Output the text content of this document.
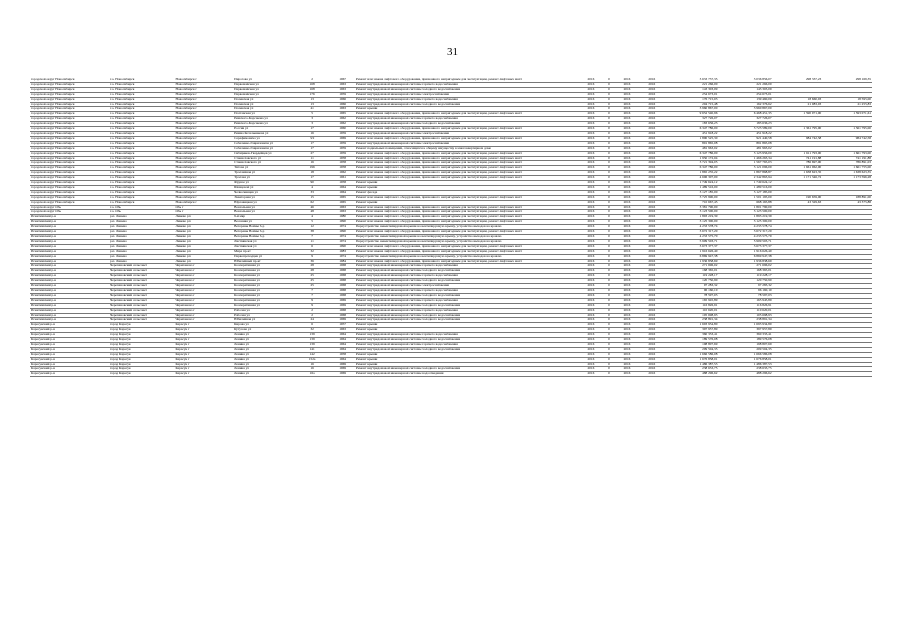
31
городской округ Новосибирск	г.о. Новосибирск	Новосибирск г	Пирогова ул	2		1967	Ремонт или замена лифтового оборудования, признанного непригодным для эксплуатации, ремонт лифтовых шахт	2016	0	2016	2016	3 633 737,35	3 036 856,07	298 337,23	298 169,35
городской округ Новосибирск	г.о. Новосибирск	Новосибирск г	Первомайская ул	168		1963	Ремонт внутридомовой инженерной системы горячего водоснабжения	2016	0	2016	2016	221 266,00	221 266,00		
городской округ Новосибирск	г.о. Новосибирск	Новосибирск г	Первомайская ул	168		1963	Ремонт внутридомовой инженерной системы холодного водоснабжения	2016	0	2016	2016	143 303,09	143 303,09		
городской округ Новосибирск	г.о. Новосибирск	Новосибирск г	Первомайская ул	176		1959	Ремонт внутридомовой инженерной системы электроснабжения	2016	0	2016	2016	254 673,01	254 673,01		
городской округ Новосибирск	г.о. Новосибирск	Новосибирск г	Полевская ул	13		1966	Ремонт внутридомовой инженерной системы горячего водоснабжения	2016	0	2016	2016	176 715,03	139 460,00	18 660,03	18 595,00
городской округ Новосибирск	г.о. Новосибирск	Новосибирск г	Полевская ул	13		1966	Ремонт внутридомовой инженерной системы холодного водоснабжения	2016	0	2016	2016	204 715,48	162 376,62	21 083,03	21 255,83
городской округ Новосибирск	г.о. Новосибирск	Новосибирск г	Полевская ул	41		1963	Ремонт крыши	2016	0	2016	2016	3 960 867,00	3 960 867,00		
городской округ Новосибирск	г.о. Новосибирск	Новосибирск г	Полтавская ул	5		1965	Ремонт или замена лифтового оборудования, признанного непригодным для эксплуатации, ремонт лифтовых шахт	2016	0	2016	2016	9 652 540,96	6 468 451,35	1 590 071,00	1 593 071,61
городской округ Новосибирск	г.о. Новосибирск	Новосибирск г	Римского-Корсакова ул	3		1962	Ремонт внутридомовой инженерной системы горячего водоснабжения	2016	0	2016	2016	327 726,07	327 726,07		
городской округ Новосибирск	г.о. Новосибирск	Новосибирск г	Римского-Корсакова ул	3		1962	Ремонт внутридомовой инженерной системы холодного водоснабжения	2016	0	2016	2016	183 636,23	183 636,23		
городской округ Новосибирск	г.о. Новосибирск	Новосибирск г	Россия ул	17		1960	Ремонт или замена лифтового оборудования, признанного непригодным для эксплуатации, ремонт лифтовых шахт	2016	0	2016	2016	6 347 786,00	3 723 589,00	1 361 795,00	1 361 795,00
городской округ Новосибирск	г.о. Новосибирск	Новосибирск г	Римма Котельникова ул	16		1959	Ремонт внутридомовой инженерной системы электроснабжения	2016	0	2016	2016	451 918,22	451 918,22		
городской округ Новосибирск	г.о. Новосибирск	Новосибирск г	Серафимовича ул	3/2		1969	Ремонт или замена лифтового оборудования, признанного непригодным для эксплуатации, ремонт лифтовых шахт	2016	0	2016	2016	1 890 525,30	921 440,58	984 742,58	984 742,58
городской округ Новосибирск	г.о. Новосибирск	Новосибирск г	Себеленко-Гавриловича ул	17		1959	Ремонт внутридомовой инженерной системы электроснабжения	2016	0	2016	2016	891 865,08	891 865,08		
городской округ Новосибирск	г.о. Новосибирск	Новосибирск г	Себеленко-Гавриловича ул	17		1959	Ремонт подвальных помещений, относящихся к общему имуществу в многоквартирном доме	2016	0	2016	2016	481 963,02	481 963,02		
городской округ Новосибирск	г.о. Новосибирск	Новосибирск г	Сибиряков-Гвардейцев ул	27		1959	Ремонт или замена лифтового оборудования, признанного непригодным для эксплуатации, ремонт лифтовых шахт	2016	0	2016	2016	6 347 786,00	3 123 956,00	1 611 793,00	1 661 793,00
городской округ Новосибирск	г.о. Новосибирск	Новосибирск г	Станиславского ул	11		1958	Ремонт или замена лифтового оборудования, признанного непригодным для эксплуатации, ремонт лифтовых шахт	2016	0	2016	2016	1 950 172,04	1 466 263,34	741 191,88	741 191,88
городской округ Новосибирск	г.о. Новосибирск	Новосибирск г	Станиславского ул	16		1958	Ремонт или замена лифтового оборудования, признанного непригодным для эксплуатации, ремонт лифтовых шахт	2016	0	2016	2016	3 721 394,05	1 567 765,03	786 697,00	786 891,03
городской округ Новосибирск	г.о. Новосибирск	Новосибирск г	Титова ул	196		1958	Ремонт или замена лифтового оборудования, признанного непригодным для эксплуатации, ремонт лифтовых шахт	2016	0	2016	2016	6 347 786,00	3 121 096,00	1 661 962,00	1 661 755,00
городской округ Новосибирск	г.о. Новосибирск	Новосибирск г	Троллейная ул	18		1962	Ремонт или замена лифтового оборудования, признанного непригодным для эксплуатации, ремонт лифтовых шахт	2016	0	2016	2016	1 865 235,22	1 867 868,87	1 638 623,35	1 638 623,35
городской округ Новосибирск	г.о. Новосибирск	Новосибирск г	Троллея ул	17		1961	Ремонт или замена лифтового оборудования, признанного непригодным для эксплуатации, ремонт лифтовых шахт	2016	0	2016	2016	4 696 307,00	2 342 863,94	1 171 346,72	1 173 596,28
городской округ Новосибирск	г.о. Новосибирск	Новосибирск г	Фрунзе ул	90		1958	Ремонт крыши	2016	0	2016	2016	1 749 624,12	1 749 624,12		
городской округ Новосибирск	г.о. Новосибирск	Новосибирск г	Шевцовой ул	4		1964	Ремонт крыши	2016	0	2016	2016	1 489 516,00	1 489 516,00		
городской округ Новосибирск	г.о. Новосибирск	Новосибирск г	Челюскинцев ул	33		1964	Ремонт фасада	2016	0	2016	2016	3 127 185,00	3 127 185,00		
городской округ Новосибирск	г.о. Новосибирск	Новосибирск г	Экваторная ул	15		1965	Ремонт или замена лифтового оборудования, признанного непригодным для эксплуатации, ремонт лифтовых шахт	2016	0	2016	2016	3 725 990,00	1 501 195,00	190 659,00	188 891,00
городской округ Новосибирск	г.о. Новосибирск	Новосибирск г	Юрловицкая ул	62		1965	Ремонт крыши	2016	0	2016	2016	710 667,45	668 165,88	43 329,63	43 375,88
городской округ Обь	г.о. Обь	Обь г	Вокзальная ул	46		1963	Ремонт или замена лифтового оборудования, признанного непригодным для эксплуатации, ремонт лифтовых шахт	2016	0	2016	2016	3 381 790,00	1 801 790,00		
городской округ Обь	г.о. Обь	Обь г	Вокзальная ул	48		1963	Ремонт или замена лифтового оборудования, признанного непригодным для эксплуатации, ремонт лифтовых шахт	2016	0	2016	2016	3 123 500,00	3 123 500,00		
Искитимский р-н	р.п. Линево	Линево рп	9-й мкр	4		1980	Ремонт или замена лифтового оборудования, признанного непригодным для эксплуатации, ремонт лифтовых шахт	2016	0	2016	2016	1 893 219,39	1 893 219,39		
Искитимский р-н	р.п. Линево	Линево рп	Весенняя ул	5		1990	Ремонт или замена лифтового оборудования, признанного непригодным для эксплуатации, ремонт лифтовых шахт	2016	0	2016	2016	3 125 300,00	3 125 300,00		
Искитимский р-н	р.п. Линево	Линево рп	Ветераны Войны б-р	12		1974	Переустройство невентилируемой крыши на вентилируемую крышу, устройство выходов на кровлю	2016	0	2016	2016	4 233 578,74	4 233 578,74		
Искитимский р-н	р.п. Линево	Линево рп	Ветераны Войны б-р	38		1990	Ремонт или замена лифтового оборудования, признанного непригодным для эксплуатации, ремонт лифтовых шахт	2016	0	2016	2016	3 672 317,20	3 672 317,20		
Искитимский р-н	р.п. Линево	Линево рп	Ветераны Войны б-р	7		1974	Переустройство невентилируемой крыши на вентилируемую крышу, устройство выходов на кровлю	2016	0	2016	2016	4 233 575,70	4 233 575,70		
Искитимский р-н	р.п. Линево	Линево рп	Листвянская ул	11		1974	Переустройство невентилируемой крыши на вентилируемую крышу, устройство выходов на кровлю	2016	0	2016	2016	5 909 503,71	5 909 503,71		
Искитимский р-н	р.п. Линево	Линево рп	Листвянская ул	6		1990	Ремонт или замена лифтового оборудования, признанного непригодным для эксплуатации, ремонт лифтовых шахт	2016	0	2016	2016	3 673 377,37	3 673 377,37		
Искитимский р-н	р.п. Линево	Линево рп	Мира пр-кт	32		1983	Ремонт или замена лифтового оборудования, признанного непригодным для эксплуатации, ремонт лифтовых шахт	2016	0	2016	2016	1 916 626,40	1 916 626,40		
Искитимский р-н	р.п. Линево	Линево рп	Первопроходцев ул	9		1974	Переустройство невентилируемой крыши на вентилируемую крышу, устройство выходов на кровлю	2016	0	2016	2016	6 869 947,38	6 869 947,38		
Искитимский р-н	р.п. Линево	Линево рп	Юбилейный пр-кт	36		1984	Ремонт или замена лифтового оборудования, признанного непригодным для эксплуатации, ремонт лифтовых шахт	2016	0	2016	2016	1 936 838,69	1 936 838,69		
Искитимский р-н	Черепановский сельсовет	Черепаново г	Кооперативная ул	28		1968	Ремонт внутридомовой инженерной системы горячего водоснабжения	2016	0	2016	2016	271 696,02	271 696,02		
Искитимский р-н	Черепановский сельсовет	Черепаново г	Кооперативная ул	28		1968	Ремонт внутридомовой инженерной системы холодного водоснабжения	2016	0	2016	2016	168 365,01	168 365,01		
Искитимский р-н	Черепановский сельсовет	Черепаново г	Кооперативная ул	25		1968	Ремонт внутридомовой инженерной системы горячего водоснабжения	2016	0	2016	2016	119 228,17	119 228,17		
Искитимский р-н	Черепановский сельсовет	Черепаново г	Кооперативная ул	25		1968	Ремонт внутридомовой инженерной системы холодного водоснабжения	2016	0	2016	2016	120 750,90	120 750,90		
Искитимский р-н	Черепановский сельсовет	Черепаново г	Кооперативная ул	25		1968	Ремонт внутридомовой инженерной системы электроснабжения	2016	0	2016	2016	97 283,32	97 283,32		
Искитимский р-н	Черепановский сельсовет	Черепаново г	Кооперативная ул	7		1968	Ремонт внутридомовой инженерной системы горячего водоснабжения	2016	0	2016	2016	96 160,10	96 160,10		
Искитимский р-н	Черепановский сельсовет	Черепаново г	Кооперативная ул	7		1968	Ремонт внутридомовой инженерной системы холодного водоснабжения	2016	0	2016	2016	78 597,03	78 597,03		
Искитимский р-н	Черепановский сельсовет	Черепаново г	Кооперативная ул	9		1969	Ремонт внутридомовой инженерной системы горячего водоснабжения	2016	0	2016	2016	165 945,89	165 945,89		
Искитимский р-н	Черепановский сельсовет	Черепаново г	Кооперативная ул	9		1969	Ремонт внутридомовой инженерной системы холодного водоснабжения	2016	0	2016	2016	116 826,91	116 826,91		
Искитимский р-н	Черепановский сельсовет	Черепаново г	Рабочая ул	2		1968	Ремонт внутридомовой инженерной системы горячего водоснабжения	2016	0	2016	2016	110 620,01	110 620,01		
Искитимский р-н	Черепановский сельсовет	Черепаново г	Рабочая ул	2		1968	Ремонт внутридомовой инженерной системы холодного водоснабжения	2016	0	2016	2016	105 698,93	105 698,93		
Искитимский р-н	Черепановский сельсовет	Черепаново г	Юбилейная ул	24		1969	Ремонт внутридомовой инженерной системы холодного водоснабжения	2016	0	2016	2016	238 891,34	238 891,34		
Карасукский р-н	город Карасук	Карасук г	Кирова ул	6		1957	Ремонт крыши	2016	0	2016	2016	1 693 934,80	1 693 934,80		
Карасукский р-н	город Карасук	Карасук г	Кутузова ул	32		1963	Ремонт крыши	2016	0	2016	2016	397 957,89	397 957,89		
Карасукский р-н	город Карасук	Карасук г	Ленина ул	139		1964	Ремонт внутридомовой инженерной системы горячего водоснабжения	2016	0	2016	2016	360 333,41	360 333,41		
Карасукский р-н	город Карасук	Карасук г	Ленина ул	139		1964	Ремонт внутридомовой инженерной системы холодного водоснабжения	2016	0	2016	2016	189 576,08	189 576,08		
Карасукский р-н	город Карасук	Карасук г	Ленина ул	139		1964	Ремонт внутридомовой инженерной системы горячего водоснабжения	2016	0	2016	2016	198 807,69	198 807,69		
Карасукский р-н	город Карасук	Карасук г	Ленина ул	141		1964	Ремонт внутридомовой инженерной системы холодного водоснабжения	2016	0	2016	2016	209 504,35	209 504,35		
Карасукский р-н	город Карасук	Карасук г	Ленина ул	142		1958	Ремонт крыши	2016	0	2016	2016	1 666 586,08	1 666 586,08		
Карасукский р-н	город Карасук	Карасук г	Ленина ул	152а		1964	Ремонт крыши	2016	0	2016	2016	1 676 858,01	1 676 858,01		
Карасукский р-н	город Карасук	Карасук г	Ленина ул	16		1969	Ремонт крыши	2016	0	2016	2016	1 486 387,53	1 486 387,53		
Карасукский р-н	город Карасук	Карасук г	Ленина ул	16		1969	Ремонт внутридомовой инженерной системы холодного водоснабжения	2016	0	2016	2016	238 633,75	238 633,75		
Карасукский р-н	город Карасук	Карасук г	Ленина ул	16а		1969	Ремонт внутридомовой инженерной системы водоотведения	2016	0	2016	2016	488 296,62	488 296,62		
